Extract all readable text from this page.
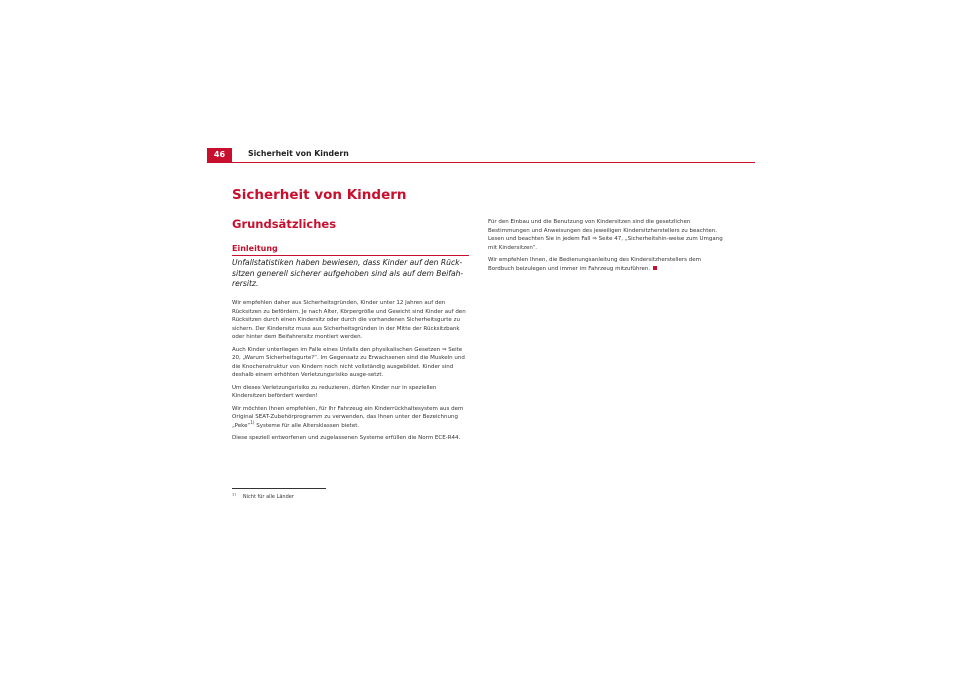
46	Sicherheit von Kindern
Sicherheit von Kindern
Grundsätzliches
Einleitung

Unfallstatistiken haben bewiesen, dass Kinder auf den Rück-sitzen generell sicherer aufgehoben sind als auf dem Beifah-rersitz.

Wir empfehlen daher aus Sicherheitsgründen, Kinder unter 12 Jahren auf den Rücksitzen zu befördern. Je nach Alter, Körpergröße und Gewicht sind Kinder auf den Rücksitzen durch einen Kindersitz oder durch die vorhandenen Sicherheitsgurte zu sichern. Der Kindersitz muss aus Sicherheitsgründen in der Mitte der Rücksitzbank oder hinter dem Beifahrersitz montiert werden.

Auch Kinder unterliegen im Falle eines Unfalls den physikalischen Gesetzen ⇒ Seite 20, „Warum Sicherheitsgurte?“. Im Gegensatz zu Erwachsenen sind die Muskeln und die Knochenstruktur von Kindern noch nicht vollständig ausgebildet. Kinder sind deshalb einem erhöhten Verletzungsrisiko ausge-setzt.

Um dieses Verletzungsrisiko zu reduzieren, dürfen Kinder nur in speziellen Kindersitzen befördert werden!

Wir möchten Ihnen empfehlen, für Ihr Fahrzeug ein Kinderrückhaltesystem aus dem Original SEAT-Zubehörprogramm zu verwenden, das Ihnen unter der Bezeichnung „Peke“$^{1)}$ Systeme für alle Altersklassen bietet.

Diese speziell entworfenen und zugelassenen Systeme erfüllen die Norm ECE-R44.

Für den Einbau und die Benutzung von Kindersitzen sind die gesetzlichen Bestimmungen und Anweisungen des jeweiligen Kindersitzherstellers zu beachten. Lesen und beachten Sie in jedem Fall ⇒ Seite 47, „Sicherheitshin-weise zum Umgang mit Kindersitzen“.

Wir empfehlen Ihnen, die Bedienungsanleitung des Kindersitzherstellers dem Bordbuch beizulegen und immer im Fahrzeug mitzuführen.

$^{1)}$Nicht für alle Länder
